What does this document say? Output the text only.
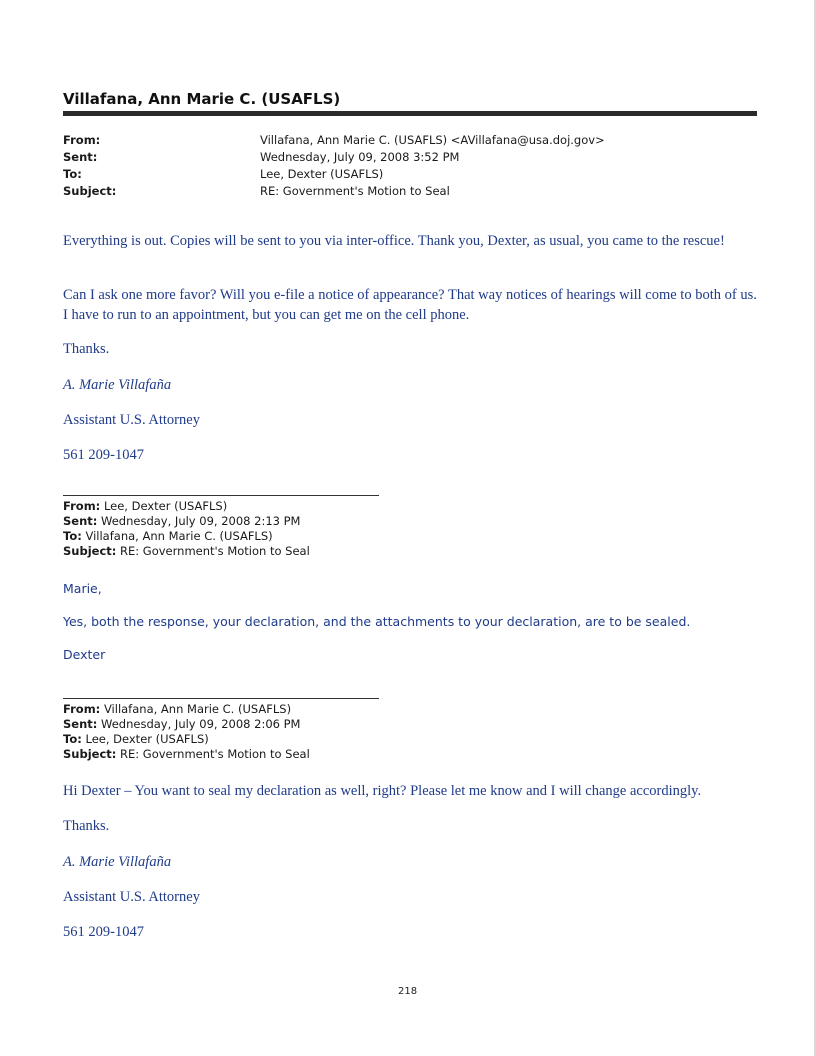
Villafana, Ann Marie C. (USAFLS)
From:	Villafana, Ann Marie C. (USAFLS) <AVillafana@usa.doj.gov>
Sent:	Wednesday, July 09, 2008 3:52 PM
To:	Lee, Dexter (USAFLS)
Subject:	RE: Government's Motion to Seal
Everything is out. Copies will be sent to you via inter-office. Thank you, Dexter, as usual, you came to the rescue!
Can I ask one more favor? Will you e-file a notice of appearance? That way notices of hearings will come to both of us. I have to run to an appointment, but you can get me on the cell phone.
Thanks.
A. Marie Villafaña
Assistant U.S. Attorney
561 209-1047
From: Lee, Dexter (USAFLS)
Sent: Wednesday, July 09, 2008 2:13 PM
To: Villafana, Ann Marie C. (USAFLS)
Subject: RE: Government's Motion to Seal
Marie,
Yes, both the response, your declaration, and the attachments to your declaration, are to be sealed.
Dexter
From: Villafana, Ann Marie C. (USAFLS)
Sent: Wednesday, July 09, 2008 2:06 PM
To: Lee, Dexter (USAFLS)
Subject: RE: Government's Motion to Seal
Hi Dexter – You want to seal my declaration as well, right? Please let me know and I will change accordingly.
Thanks.
A. Marie Villafaña
Assistant U.S. Attorney
561 209-1047
218
